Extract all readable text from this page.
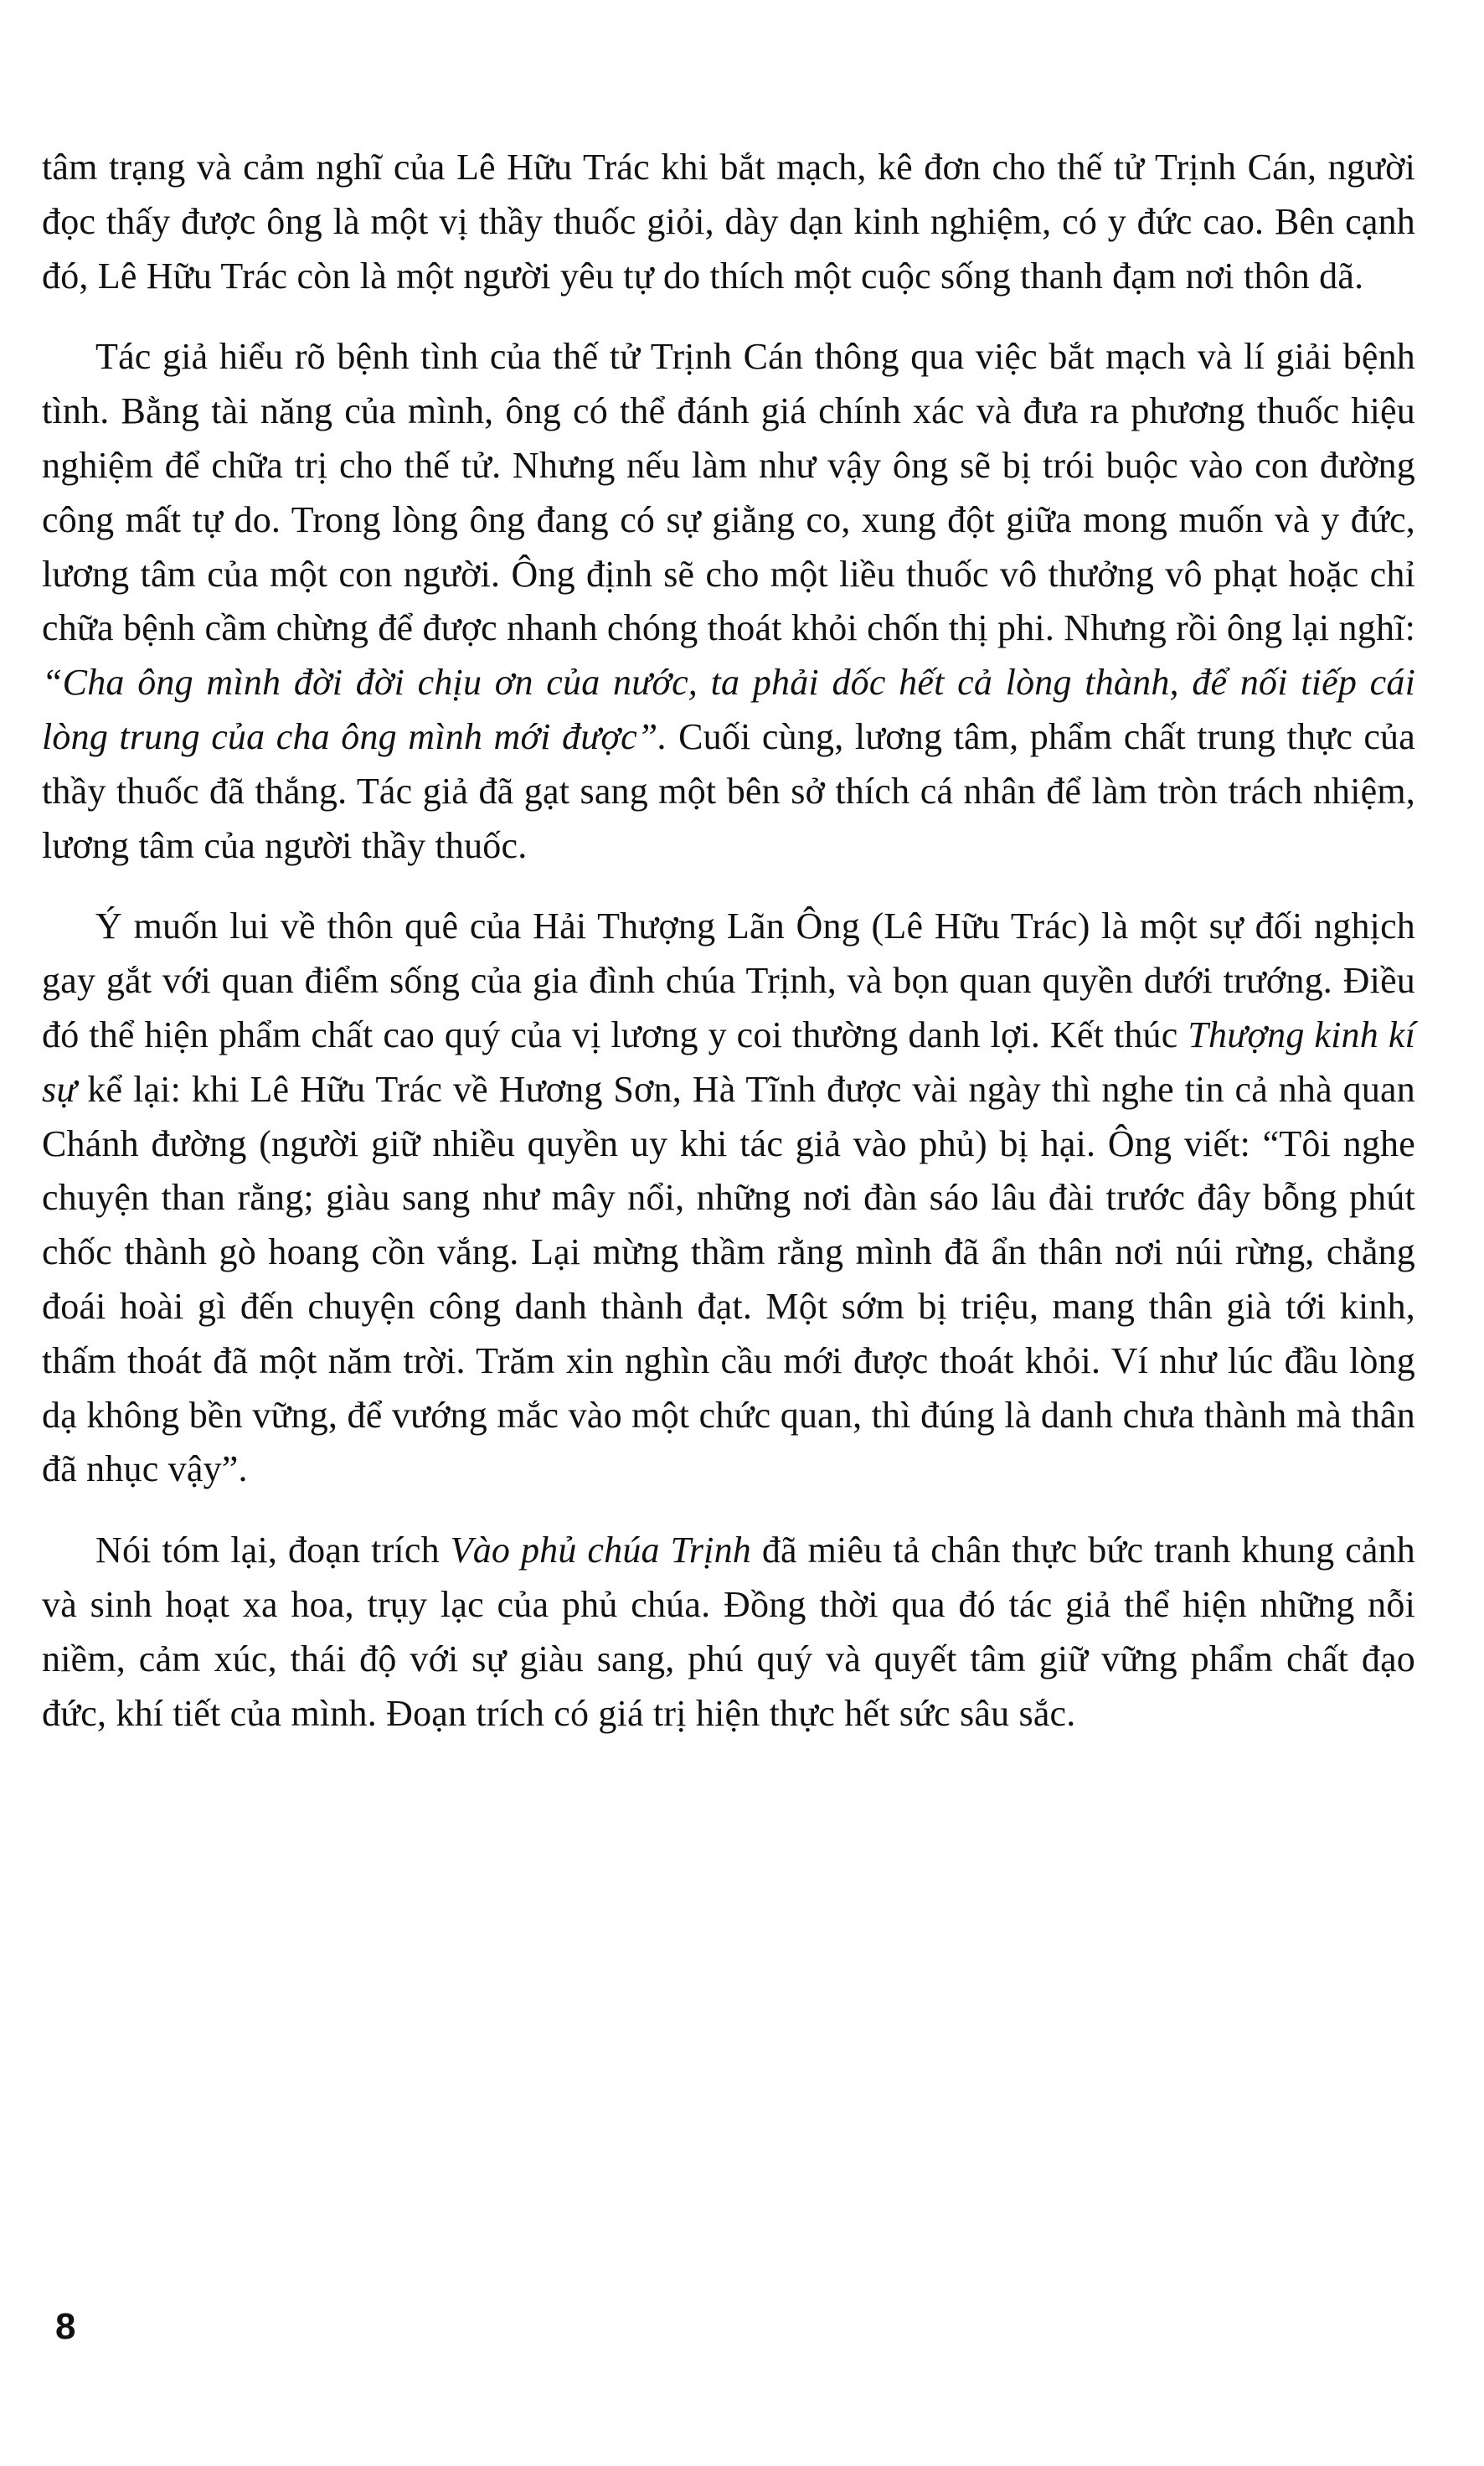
tâm trạng và cảm nghĩ của Lê Hữu Trác khi bắt mạch, kê đơn cho thế tử Trịnh Cán, người đọc thấy được ông là một vị thầy thuốc giỏi, dày dạn kinh nghiệm, có y đức cao. Bên cạnh đó, Lê Hữu Trác còn là một người yêu tự do thích một cuộc sống thanh đạm nơi thôn dã.

Tác giả hiểu rõ bệnh tình của thế tử Trịnh Cán thông qua việc bắt mạch và lí giải bệnh tình. Bằng tài năng của mình, ông có thể đánh giá chính xác và đưa ra phương thuốc hiệu nghiệm để chữa trị cho thế tử. Nhưng nếu làm như vậy ông sẽ bị trói buộc vào con đường công mất tự do. Trong lòng ông đang có sự giằng co, xung đột giữa mong muốn và y đức, lương tâm của một con người. Ông định sẽ cho một liều thuốc vô thưởng vô phạt hoặc chỉ chữa bệnh cầm chừng để được nhanh chóng thoát khỏi chốn thị phi. Nhưng rồi ông lại nghĩ: “Cha ông mình đời đời chịu ơn của nước, ta phải dốc hết cả lòng thành, để nối tiếp cái lòng trung của cha ông mình mới được”. Cuối cùng, lương tâm, phẩm chất trung thực của thầy thuốc đã thắng. Tác giả đã gạt sang một bên sở thích cá nhân để làm tròn trách nhiệm, lương tâm của người thầy thuốc.

Ý muốn lui về thôn quê của Hải Thượng Lãn Ông (Lê Hữu Trác) là một sự đối nghịch gay gắt với quan điểm sống của gia đình chúa Trịnh, và bọn quan quyền dưới trướng. Điều đó thể hiện phẩm chất cao quý của vị lương y coi thường danh lợi. Kết thúc Thượng kinh kí sự kể lại: khi Lê Hữu Trác về Hương Sơn, Hà Tĩnh được vài ngày thì nghe tin cả nhà quan Chánh đường (người giữ nhiều quyền uy khi tác giả vào phủ) bị hại. Ông viết: “Tôi nghe chuyện than rằng; giàu sang như mây nổi, những nơi đàn sáo lâu đài trước đây bỗng phút chốc thành gò hoang cồn vắng. Lại mừng thầm rằng mình đã ẩn thân nơi núi rừng, chẳng đoái hoài gì đến chuyện công danh thành đạt. Một sớm bị triệu, mang thân già tới kinh, thấm thoát đã một năm trời. Trăm xin nghìn cầu mới được thoát khỏi. Ví như lúc đầu lòng dạ không bền vững, để vướng mắc vào một chức quan, thì đúng là danh chưa thành mà thân đã nhục vậy”.

Nói tóm lại, đoạn trích Vào phủ chúa Trịnh đã miêu tả chân thực bức tranh khung cảnh và sinh hoạt xa hoa, trụy lạc của phủ chúa. Đồng thời qua đó tác giả thể hiện những nỗi niềm, cảm xúc, thái độ với sự giàu sang, phú quý và quyết tâm giữ vững phẩm chất đạo đức, khí tiết của mình. Đoạn trích có giá trị hiện thực hết sức sâu sắc.

8
